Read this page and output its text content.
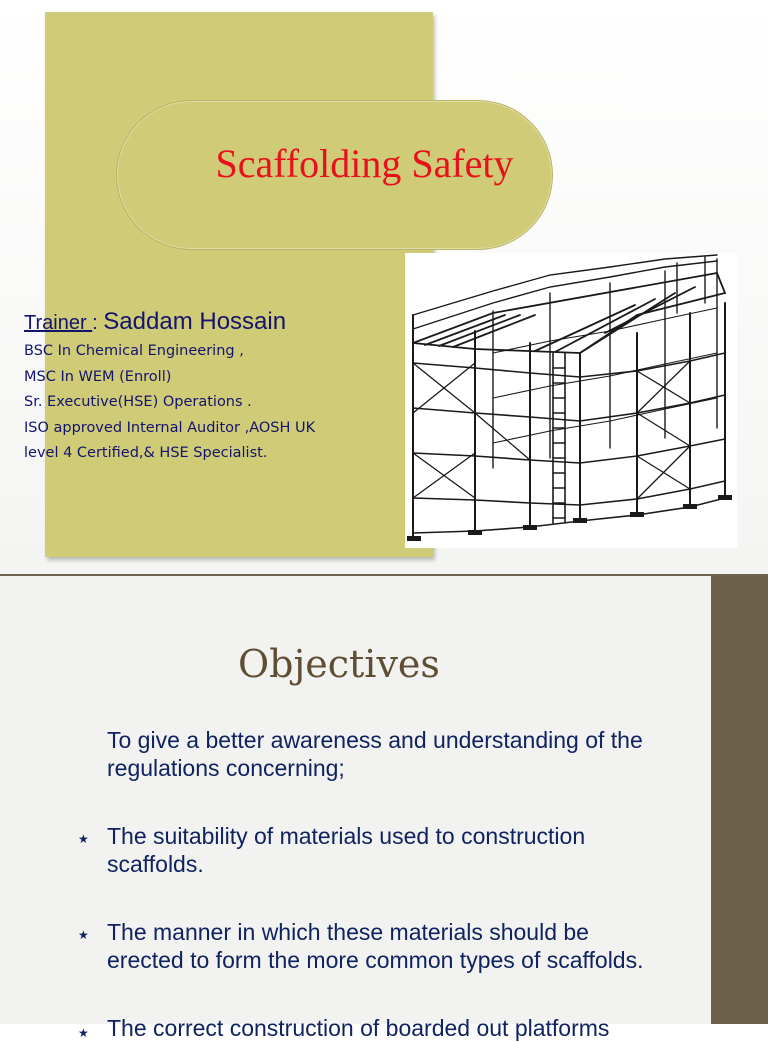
Scaffolding Safety
Trainer : Saddam Hossain
BSC In Chemical Engineering ,
MSC In WEM (Enroll)
Sr. Executive(HSE) Operations .
ISO approved Internal Auditor ,AOSH UK
level 4 Certified,& HSE Specialist.
Objectives
To give a better awareness and understanding of the
regulations concerning;
★ The suitability of materials used to construction
scaffolds.
★ The manner in which these materials should be
erected to form the more common types of scaffolds.
★ The correct construction of boarded out platforms
